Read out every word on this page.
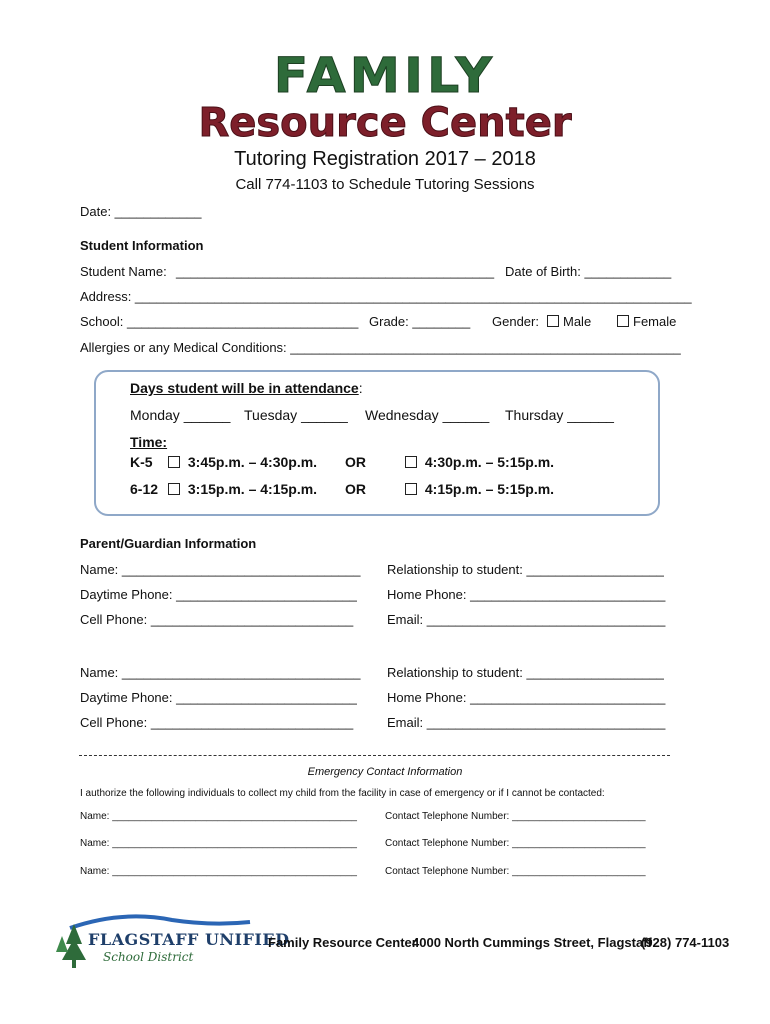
FAMILY
Resource Center
Tutoring Registration 2017 – 2018
Call 774-1103 to Schedule Tutoring Sessions
Date: ____________
Student Information
Student Name: ____________________________________________ Date of Birth: ____________
Address: _____________________________________________________________________________
School: ________________________________ Grade: ________ Gender:	Male	Female
Allergies or any Medical Conditions: ______________________________________________________
Days student will be in attendance:
Monday ______ Tuesday ______ Wednesday ______ Thursday ______
Time:
K-5	3:45p.m. – 4:30p.m. OR	4:30p.m. – 5:15p.m.
6-12	3:15p.m. – 4:15p.m. OR	4:15p.m. – 5:15p.m.
Parent/Guardian Information
Name: _________________________________ Relationship to student: ___________________
Daytime Phone: _________________________ Home Phone: ___________________________
Cell Phone: ____________________________	Email: _________________________________
Name: _________________________________ Relationship to student: ___________________
Daytime Phone: _________________________ Home Phone: ___________________________
Cell Phone: ____________________________	Email: _________________________________
Emergency Contact Information
I authorize the following individuals to collect my child from the facility in case of emergency or if I cannot be contacted:
Name: ____________________________________________	Contact Telephone Number: ________________________
Name: ____________________________________________	Contact Telephone Number: ________________________
Name: ____________________________________________	Contact Telephone Number: ________________________
FLAGSTAFF UNIFIED
School District
Family Resource Center
4000 North Cummings Street, Flagstaff
(928) 774-1103
